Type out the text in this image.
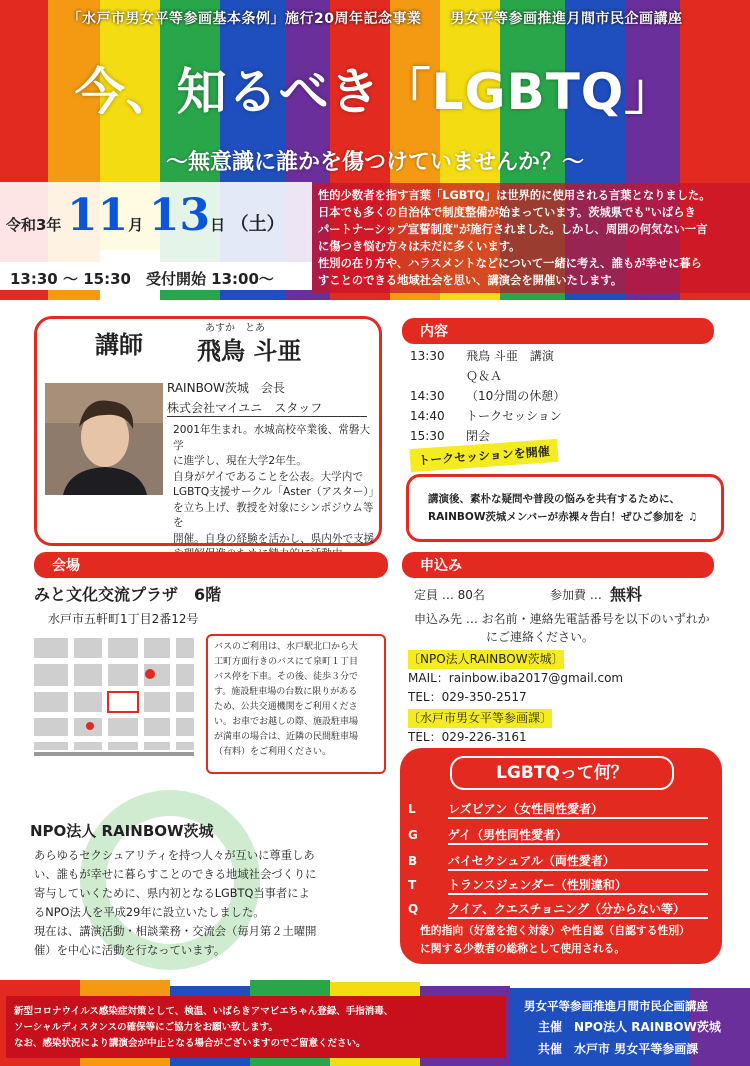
「水戸市男女平等参画基本条例」施行20周年記念事業　　男女平等参画推進月間市民企画講座
今、知るべき「LGBTQ」
〜無意識に誰かを傷つけていませんか？〜
令和3年 11月 13日 （土）
13:30 ～ 15:30　受付開始 13:00～
性的少数者を指す言葉「LGBTQ」は世界的に使用される言葉となりました。
日本でも多くの自治体で制度整備が始まっています。茨城県でも"いばらき
パートナーシップ宣誓制度"が施行されました。しかし、周囲の何気ない一言
に傷つき悩む方々は未だに多くいます。
性別の在り方や、ハラスメントなどについて一緒に考え、誰もが幸せに暮ら
すことのできる地域社会を思い、講演会を開催いたします。
講師
あすか　とあ
飛鳥 斗亜
RAINBOW茨城　会長
株式会社マイユニ　スタッフ
2001年生まれ。水城高校卒業後、常磐大学
に進学し、現在大学2年生。
自身がゲイであることを公表。大学内で
LGBTQ支援サークル「Aster（アスター）」
を立ち上げ、教授を対象にシンポジウム等を
開催。自身の経験を活かし、県内外で支援
内容
13:30 飛鳥 斗亜　講演
Ｑ＆Ａ
14:30 （10分間の休憩）
14:40 トークセッション
15:30 閉会
トークセッションを開催
講演後、素朴な疑問や普段の悩みを共有するために、
RAINBOW茨城メンバーが赤裸々告白！ぜひご参加を ♫
会場
みと文化交流プラザ　6階
水戸市五軒町1丁目2番12号
バスのご利用は、水戸駅北口から大
工町方面行きのバスにて泉町１丁目
バス停を下車。その後、徒歩３分で
す。施設駐車場の台数に限りがある
ため、公共交通機関をご利用くださ
い。お車でお越しの際、施設駐車場
が満車の場合は、近隣の民間駐車場
（有料）をご利用ください。
申込み
定員 … 80名	参加費 … 無料
申込み先 … お名前・連絡先電話番号を以下のいずれか
にご連絡ください。
〔NPO法人RAINBOW茨城〕
MAIL：rainbow.iba2017@gmail.com
TEL：029-350-2517
〔水戸市男女平等参画課〕
TEL：029-226-3161
NPO法人 RAINBOW茨城
あらゆるセクシュアリティを持つ人々が互いに尊重しあ
い、誰もが幸せに暮らすことのできる地域社会づくりに
寄与していくために、県内初となるLGBTQ当事者によ
るNPO法人を平成29年に設立いたしました。
現在は、講演活動・相談業務・交流会（毎月第２土曜開
催）を中心に活動を行なっています。
LGBTQって何？
L	レズビアン（女性同性愛者）
G	ゲイ（男性同性愛者）
B	バイセクシュアル（両性愛者）
T	トランスジェンダー（性別違和）
Q クイア、クエスチョニング（分からない等）
性的指向（好意を抱く対象）や性自認（自認する性別）
に関する少数者の総称として使用される。
新型コロナウイルス感染症対策として、検温、いばらきアマビエちゃん登録、手指消毒、
ソーシャルディスタンスの確保等にご協力をお願い致します。
なお、感染状況により講演会が中止となる場合がございますのでご留意ください。
男女平等参画推進月間市民企画講座
主催　 NPO法人 RAINBOW茨城
共催　 水戸市 男女平等参画課
